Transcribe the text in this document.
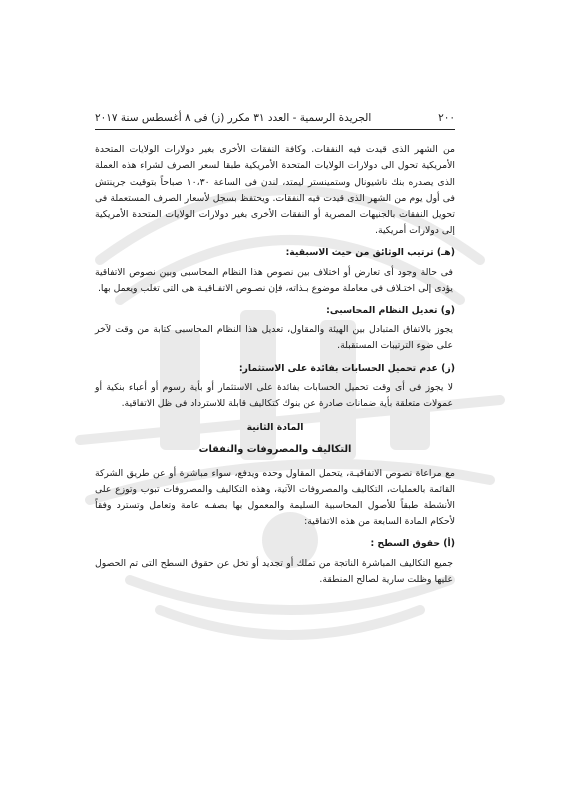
٢٠٠
الجريدة الرسمية - العدد ٣١ مكرر (ز) فى ٨ أغسطس سنة ٢٠١٧

من الشهر الذى قيدت فيه النفقات. وكافة النفقات الأخرى بغير دولارات الولايات المتحدة الأمريكية تحول الى دولارات الولايات المتحدة الأمريكية طبقا لسعر الصرف لشراء هذه العملة الذى يصدره بنك ناشيونال وستمينستر ليمتد، لندن فى الساعة ١٠،٣٠ صباحاً بتوقيت جرينتش فى أول يوم من الشهر الذى قيدت فيه النفقات. ويحتفظ بسجل لأسعار الصرف المستعملة فى تحويل النفقات بالجنيهات المصرية أو النفقات الأخرى بغير دولارات الولايات المتحدة الأمريكية إلى دولارات أمريكية.

(هـ) ترتيب الوثائق من حيث الاسبقية:

فى حالة وجود أى تعارض أو اختلاف بين نصوص هذا النظام المحاسبى وبين نصوص الاتفاقية يؤدى إلى اختـلاف فى معاملة موضوع بـذاته، فإن نصـوص الاتفـاقيـة هى التى تغلب ويعمل بها.

(و) تعديل النظام المحاسبى:

يجوز بالاتفاق المتبادل بين الهيئة والمقاول، تعديل هذا النظام المحاسبى كتابة من وقت لآخر على ضوء الترتيبات المستقبلة.

(ز) عدم تحميل الحسابات بفائدة على الاستثمار:

لا يجوز فى أى وقت تحميل الحسابات بفائدة على الاستثمار أو بأية رسوم أو أعباء بنكية أو عمولات متعلقة بأية ضمانات صادرة عن بنوك كتكاليف قابلة للاسترداد فى ظل الاتفاقية.

المادة الثانية

التكاليف والمصروفات والنفقات

مع مراعاة نصوص الاتفاقيـة، يتحمل المقاول وحده ويدفع، سواء مباشرة أو عن طريق الشركة القائمة بالعمليات، التكاليف والمصروفات الآتية، وهذه التكاليف والمصروفات تبوب وتوزع على الأنشطة طبقاً للأصول المحاسبية السليمة والمعمول بها بصفـه عامة وتعامل وتسترد وفقاً لأحكام المادة السابعة من هذه الاتفاقية:

(أ) حقوق السطح :

جميع التكاليف المباشرة الناتجة من تملك أو تجديد أو تخل عن حقوق السطح التى تم الحصول عليها وظلت سارية لصالح المنطقة.
